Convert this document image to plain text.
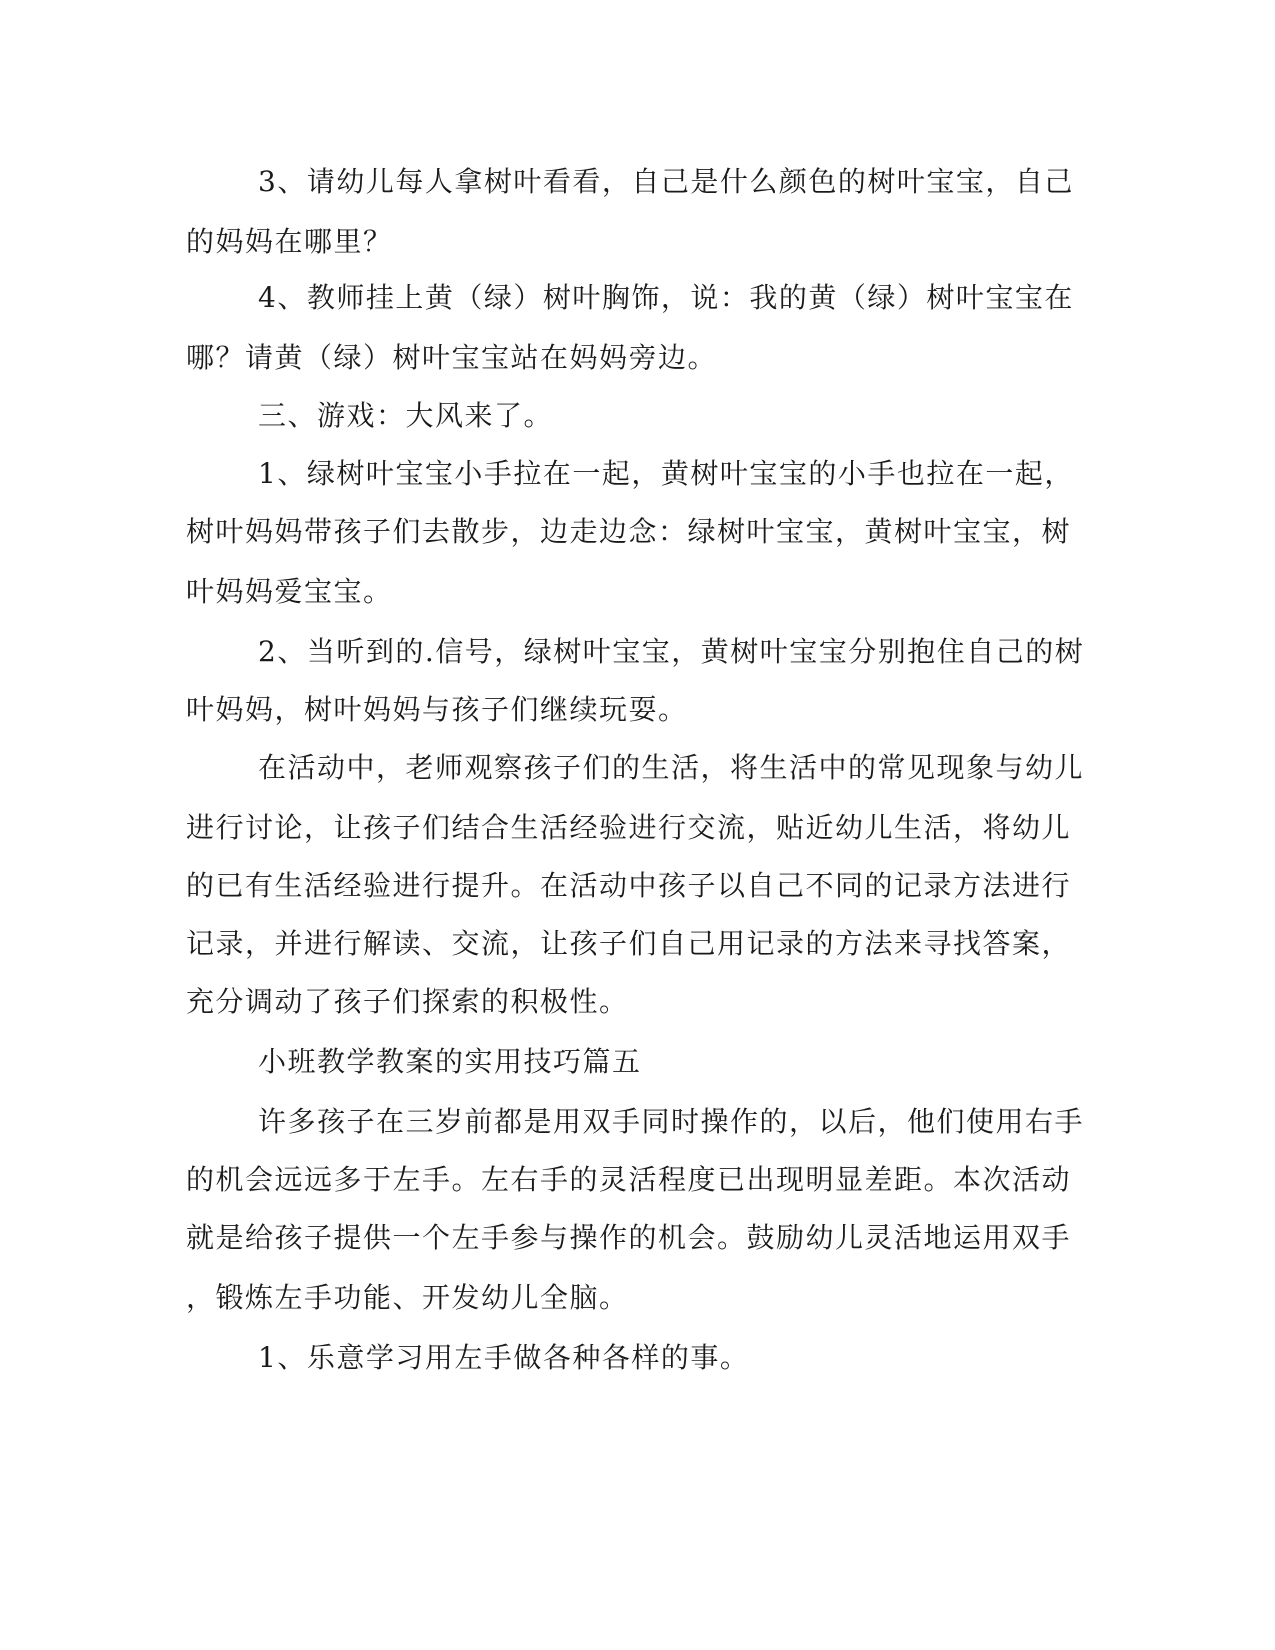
3、请幼儿每人拿树叶看看，自己是什么颜色的树叶宝宝，自己
的妈妈在哪里？
4、教师挂上黄（绿）树叶胸饰，说：我的黄（绿）树叶宝宝在
哪？请黄（绿）树叶宝宝站在妈妈旁边。
三、游戏：大风来了。
1、绿树叶宝宝小手拉在一起，黄树叶宝宝的小手也拉在一起，
树叶妈妈带孩子们去散步，边走边念：绿树叶宝宝，黄树叶宝宝，树
叶妈妈爱宝宝。
2、当听到的.信号，绿树叶宝宝，黄树叶宝宝分别抱住自己的树
叶妈妈，树叶妈妈与孩子们继续玩耍。
在活动中，老师观察孩子们的生活，将生活中的常见现象与幼儿
进行讨论，让孩子们结合生活经验进行交流，贴近幼儿生活，将幼儿
的已有生活经验进行提升。在活动中孩子以自己不同的记录方法进行
记录，并进行解读、交流，让孩子们自己用记录的方法来寻找答案，
充分调动了孩子们探索的积极性。
小班教学教案的实用技巧篇五
许多孩子在三岁前都是用双手同时操作的，以后，他们使用右手
的机会远远多于左手。左右手的灵活程度已出现明显差距。本次活动
就是给孩子提供一个左手参与操作的机会。鼓励幼儿灵活地运用双手
，锻炼左手功能、开发幼儿全脑。
1、乐意学习用左手做各种各样的事。
